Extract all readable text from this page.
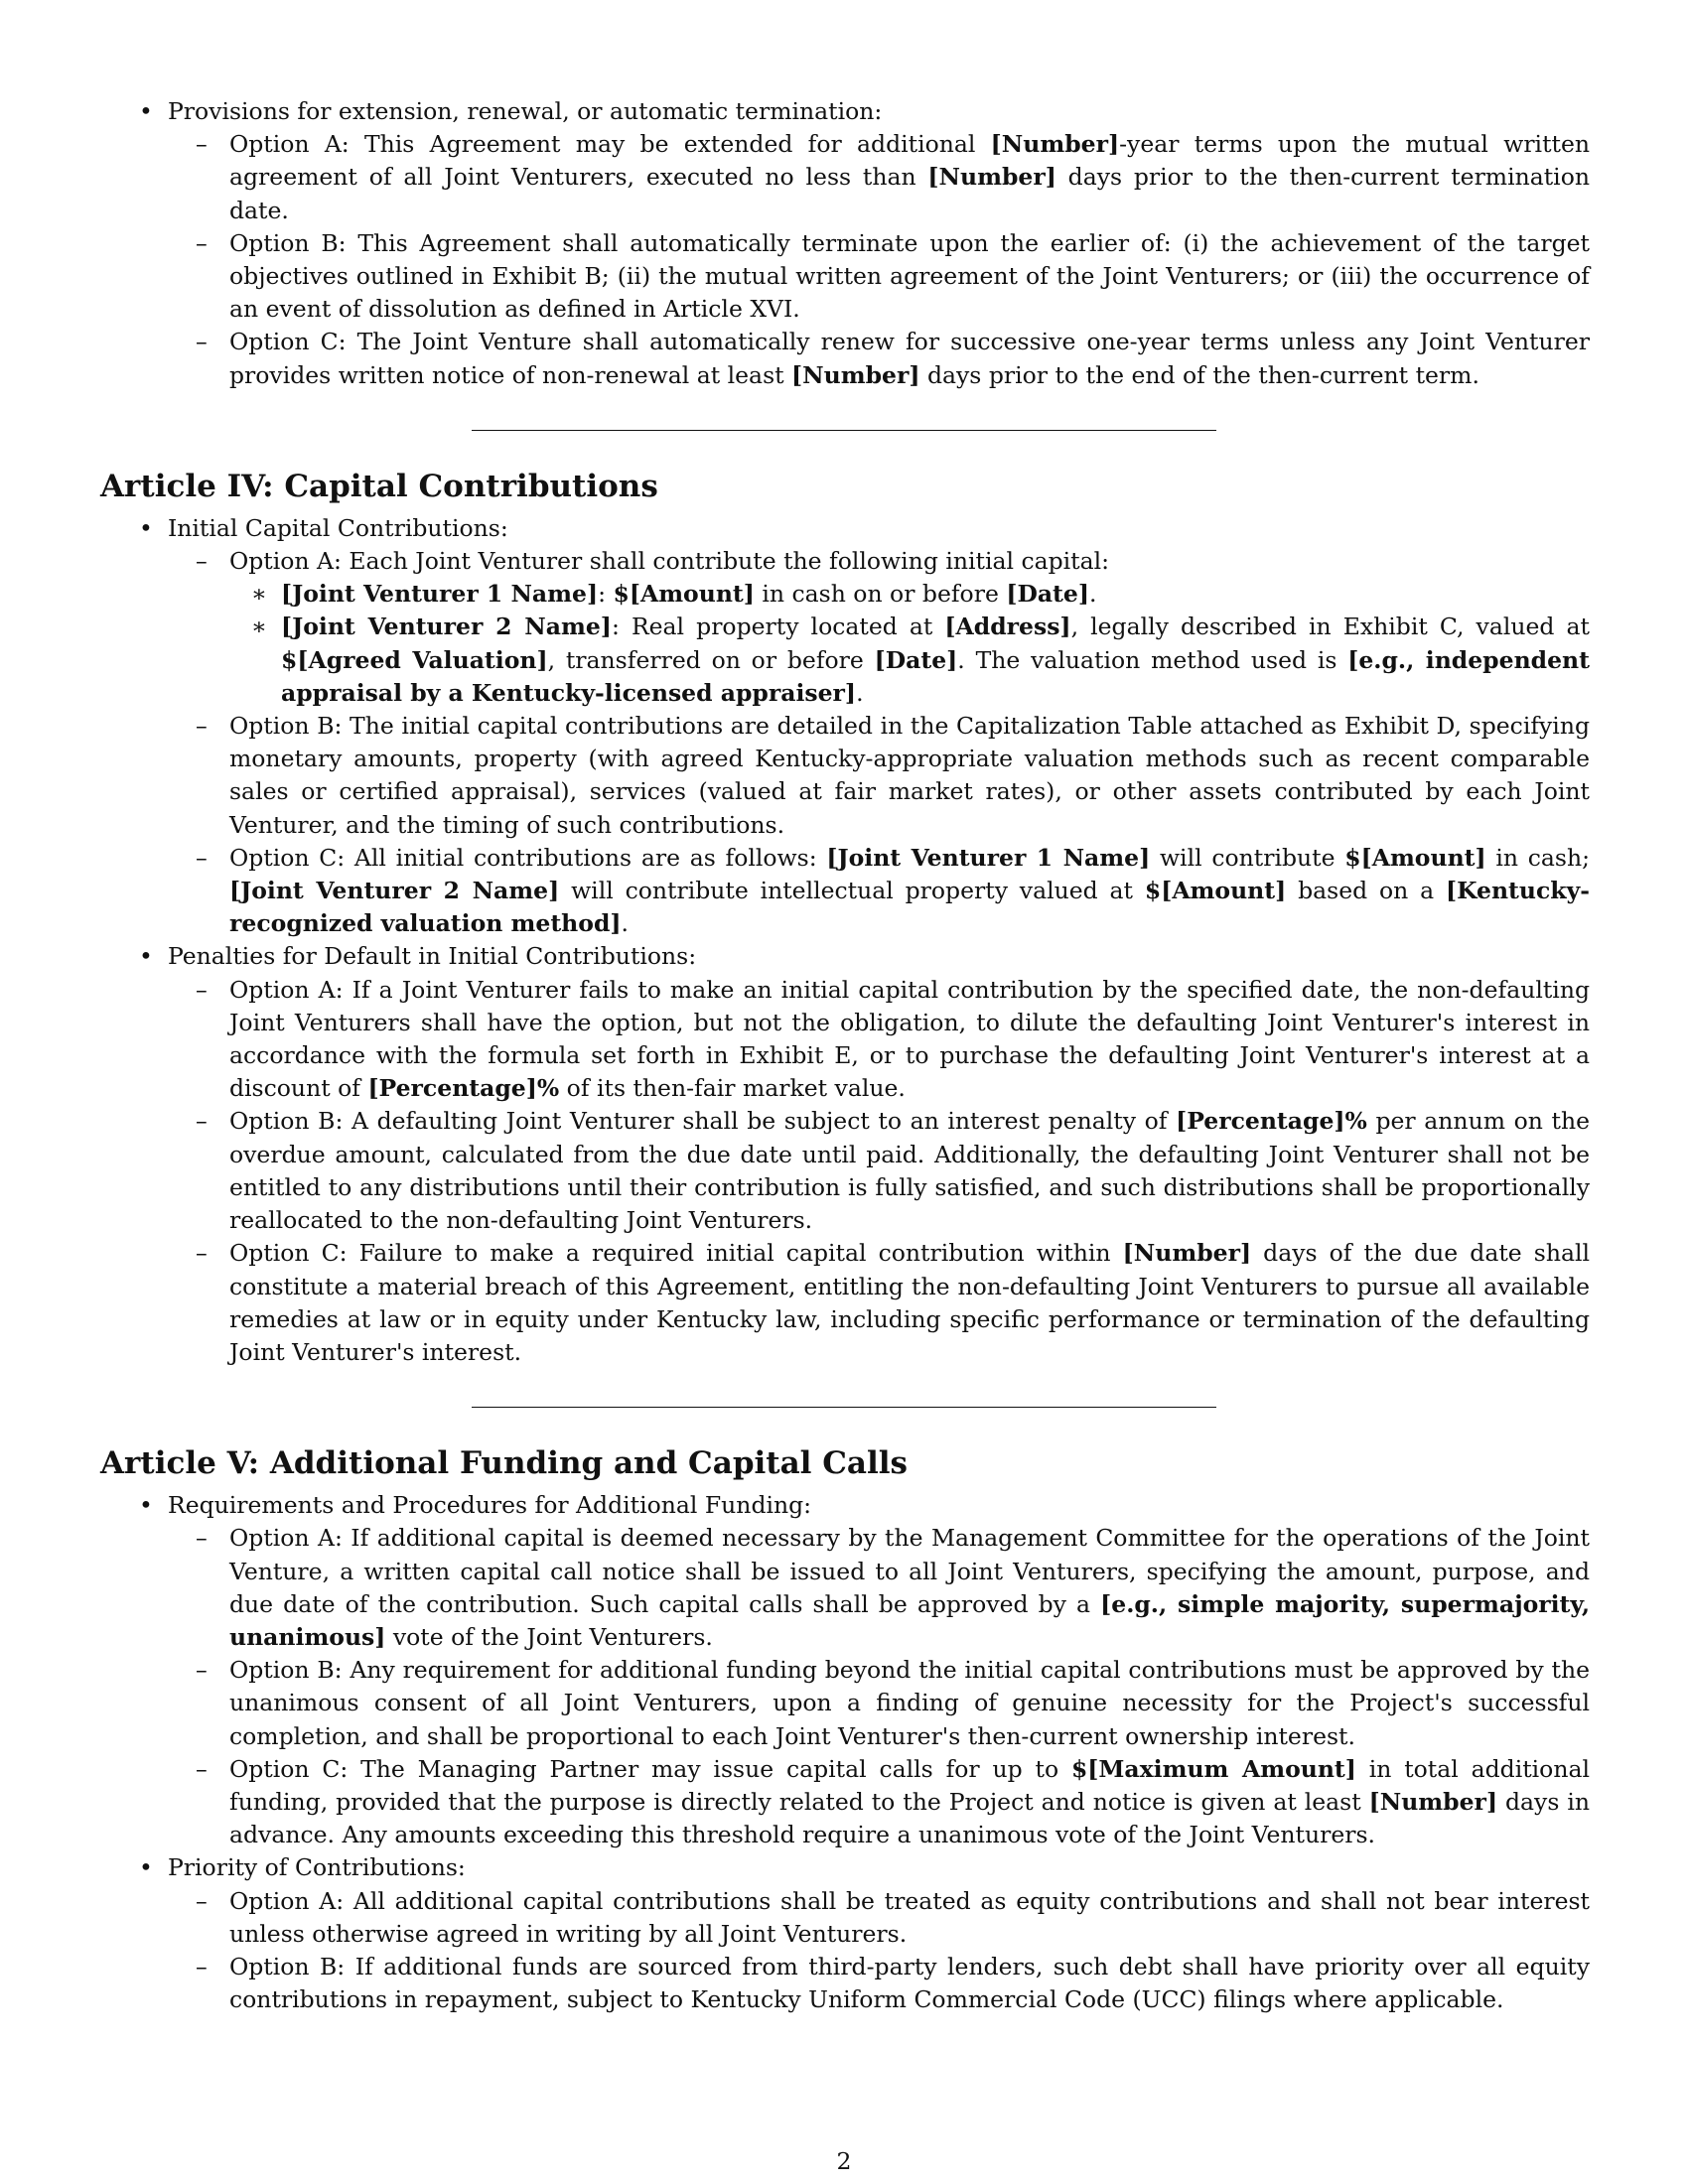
• Provisions for extension, renewal, or automatic termination:
– Option A: This Agreement may be extended for additional [Number]-year terms upon the mutual written agreement of all Joint Venturers, executed no less than [Number] days prior to the then-current termination date.
– Option B: This Agreement shall automatically terminate upon the earlier of: (i) the achievement of the target objectives outlined in Exhibit B; (ii) the mutual written agreement of the Joint Venturers; or (iii) the occurrence of an event of dissolution as defined in Article XVI.
– Option C: The Joint Venture shall automatically renew for successive one-year terms unless any Joint Venturer provides written notice of non-renewal at least [Number] days prior to the end of the then-current term.
Article IV: Capital Contributions
• Initial Capital Contributions:
– Option A: Each Joint Venturer shall contribute the following initial capital:
∗ [Joint Venturer 1 Name]: $[Amount] in cash on or before [Date].
∗ [Joint Venturer 2 Name]: Real property located at [Address], legally described in Exhibit C, valued at $[Agreed Valuation], transferred on or before [Date]. The valuation method used is [e.g., independent appraisal by a Kentucky-licensed appraiser].
– Option B: The initial capital contributions are detailed in the Capitalization Table attached as Exhibit D, specifying monetary amounts, property (with agreed Kentucky-appropriate valuation methods such as recent comparable sales or certified appraisal), services (valued at fair market rates), or other assets contributed by each Joint Venturer, and the timing of such contributions.
– Option C: All initial contributions are as follows: [Joint Venturer 1 Name] will contribute $[Amount] in cash; [Joint Venturer 2 Name] will contribute intellectual property valued at $[Amount] based on a [Kentucky-recognized valuation method].
• Penalties for Default in Initial Contributions:
– Option A: If a Joint Venturer fails to make an initial capital contribution by the specified date, the non-defaulting Joint Venturers shall have the option, but not the obligation, to dilute the defaulting Joint Venturer's interest in accordance with the formula set forth in Exhibit E, or to purchase the defaulting Joint Venturer's interest at a discount of [Percentage]% of its then-fair market value.
– Option B: A defaulting Joint Venturer shall be subject to an interest penalty of [Percentage]% per annum on the overdue amount, calculated from the due date until paid. Additionally, the defaulting Joint Venturer shall not be entitled to any distributions until their contribution is fully satisfied, and such distributions shall be proportionally reallocated to the non-defaulting Joint Venturers.
– Option C: Failure to make a required initial capital contribution within [Number] days of the due date shall constitute a material breach of this Agreement, entitling the non-defaulting Joint Venturers to pursue all available remedies at law or in equity under Kentucky law, including specific performance or termination of the defaulting Joint Venturer's interest.
Article V: Additional Funding and Capital Calls
• Requirements and Procedures for Additional Funding:
– Option A: If additional capital is deemed necessary by the Management Committee for the operations of the Joint Venture, a written capital call notice shall be issued to all Joint Venturers, specifying the amount, purpose, and due date of the contribution. Such capital calls shall be approved by a [e.g., simple majority, supermajority, unanimous] vote of the Joint Venturers.
– Option B: Any requirement for additional funding beyond the initial capital contributions must be approved by the unanimous consent of all Joint Venturers, upon a finding of genuine necessity for the Project's successful completion, and shall be proportional to each Joint Venturer's then-current ownership interest.
– Option C: The Managing Partner may issue capital calls for up to $[Maximum Amount] in total additional funding, provided that the purpose is directly related to the Project and notice is given at least [Number] days in advance. Any amounts exceeding this threshold require a unanimous vote of the Joint Venturers.
• Priority of Contributions:
– Option A: All additional capital contributions shall be treated as equity contributions and shall not bear interest unless otherwise agreed in writing by all Joint Venturers.
– Option B: If additional funds are sourced from third-party lenders, such debt shall have priority over all equity contributions in repayment, subject to Kentucky Uniform Commercial Code (UCC) filings where applicable.
2
